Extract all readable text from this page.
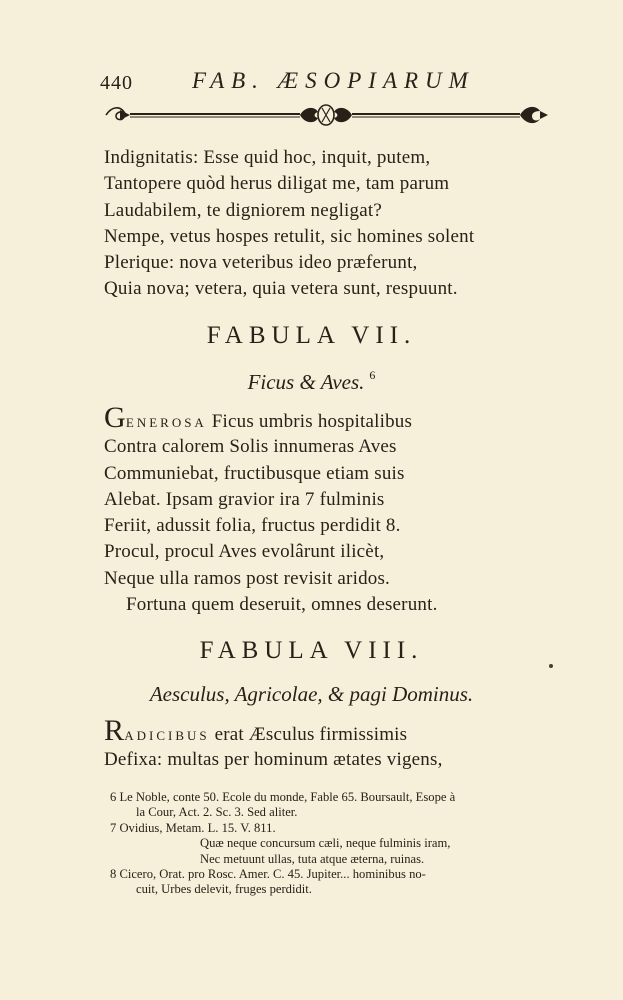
440	FAB. ÆSOPIARUM
Indignitatis: Esse quid hoc, inquit, putem,
Tantopere quòd herus diligat me, tam parum
Laudabilem, te digniorem negligat?
Nempe, vetus hospes retulit, sic homines solent
Plerique: nova veteribus ideo præferunt,
Quia nova; vetera, quia vetera sunt, respuunt.
FABULA VII.
Ficus & Aves. $^6$
GENEROSA Ficus umbris hospitalibus
Contra calorem Solis innumeras Aves
Communiebat, fructibusque etiam suis
Alebat. Ipsam gravior ira 7 fulminis
Feriit, adussit folia, fructus perdidit 8.
Procul, procul Aves evolârunt ilicèt,
Neque ulla ramos post revisit aridos.
Fortuna quem deseruit, omnes deserunt.
FABULA VIII.
Aesculus, Agricolae, & pagi Dominus.
RADICIBUS erat Æsculus firmissimis
Defixa: multas per hominum ætates vigens,
6 Le Noble, conte 50. Ecole du monde, Fable 65. Boursault, Esope à
la Cour, Act. 2. Sc. 3. Sed aliter.
7 Ovidius, Metam. L. 15. V. 811.
Quæ neque concursum cæli, neque fulminis iram,
Nec metuunt ullas, tuta atque æterna, ruinas.
8 Cicero, Orat. pro Rosc. Amer. C. 45. Jupiter... hominibus no-
cuit, Urbes delevit, fruges perdidit.
